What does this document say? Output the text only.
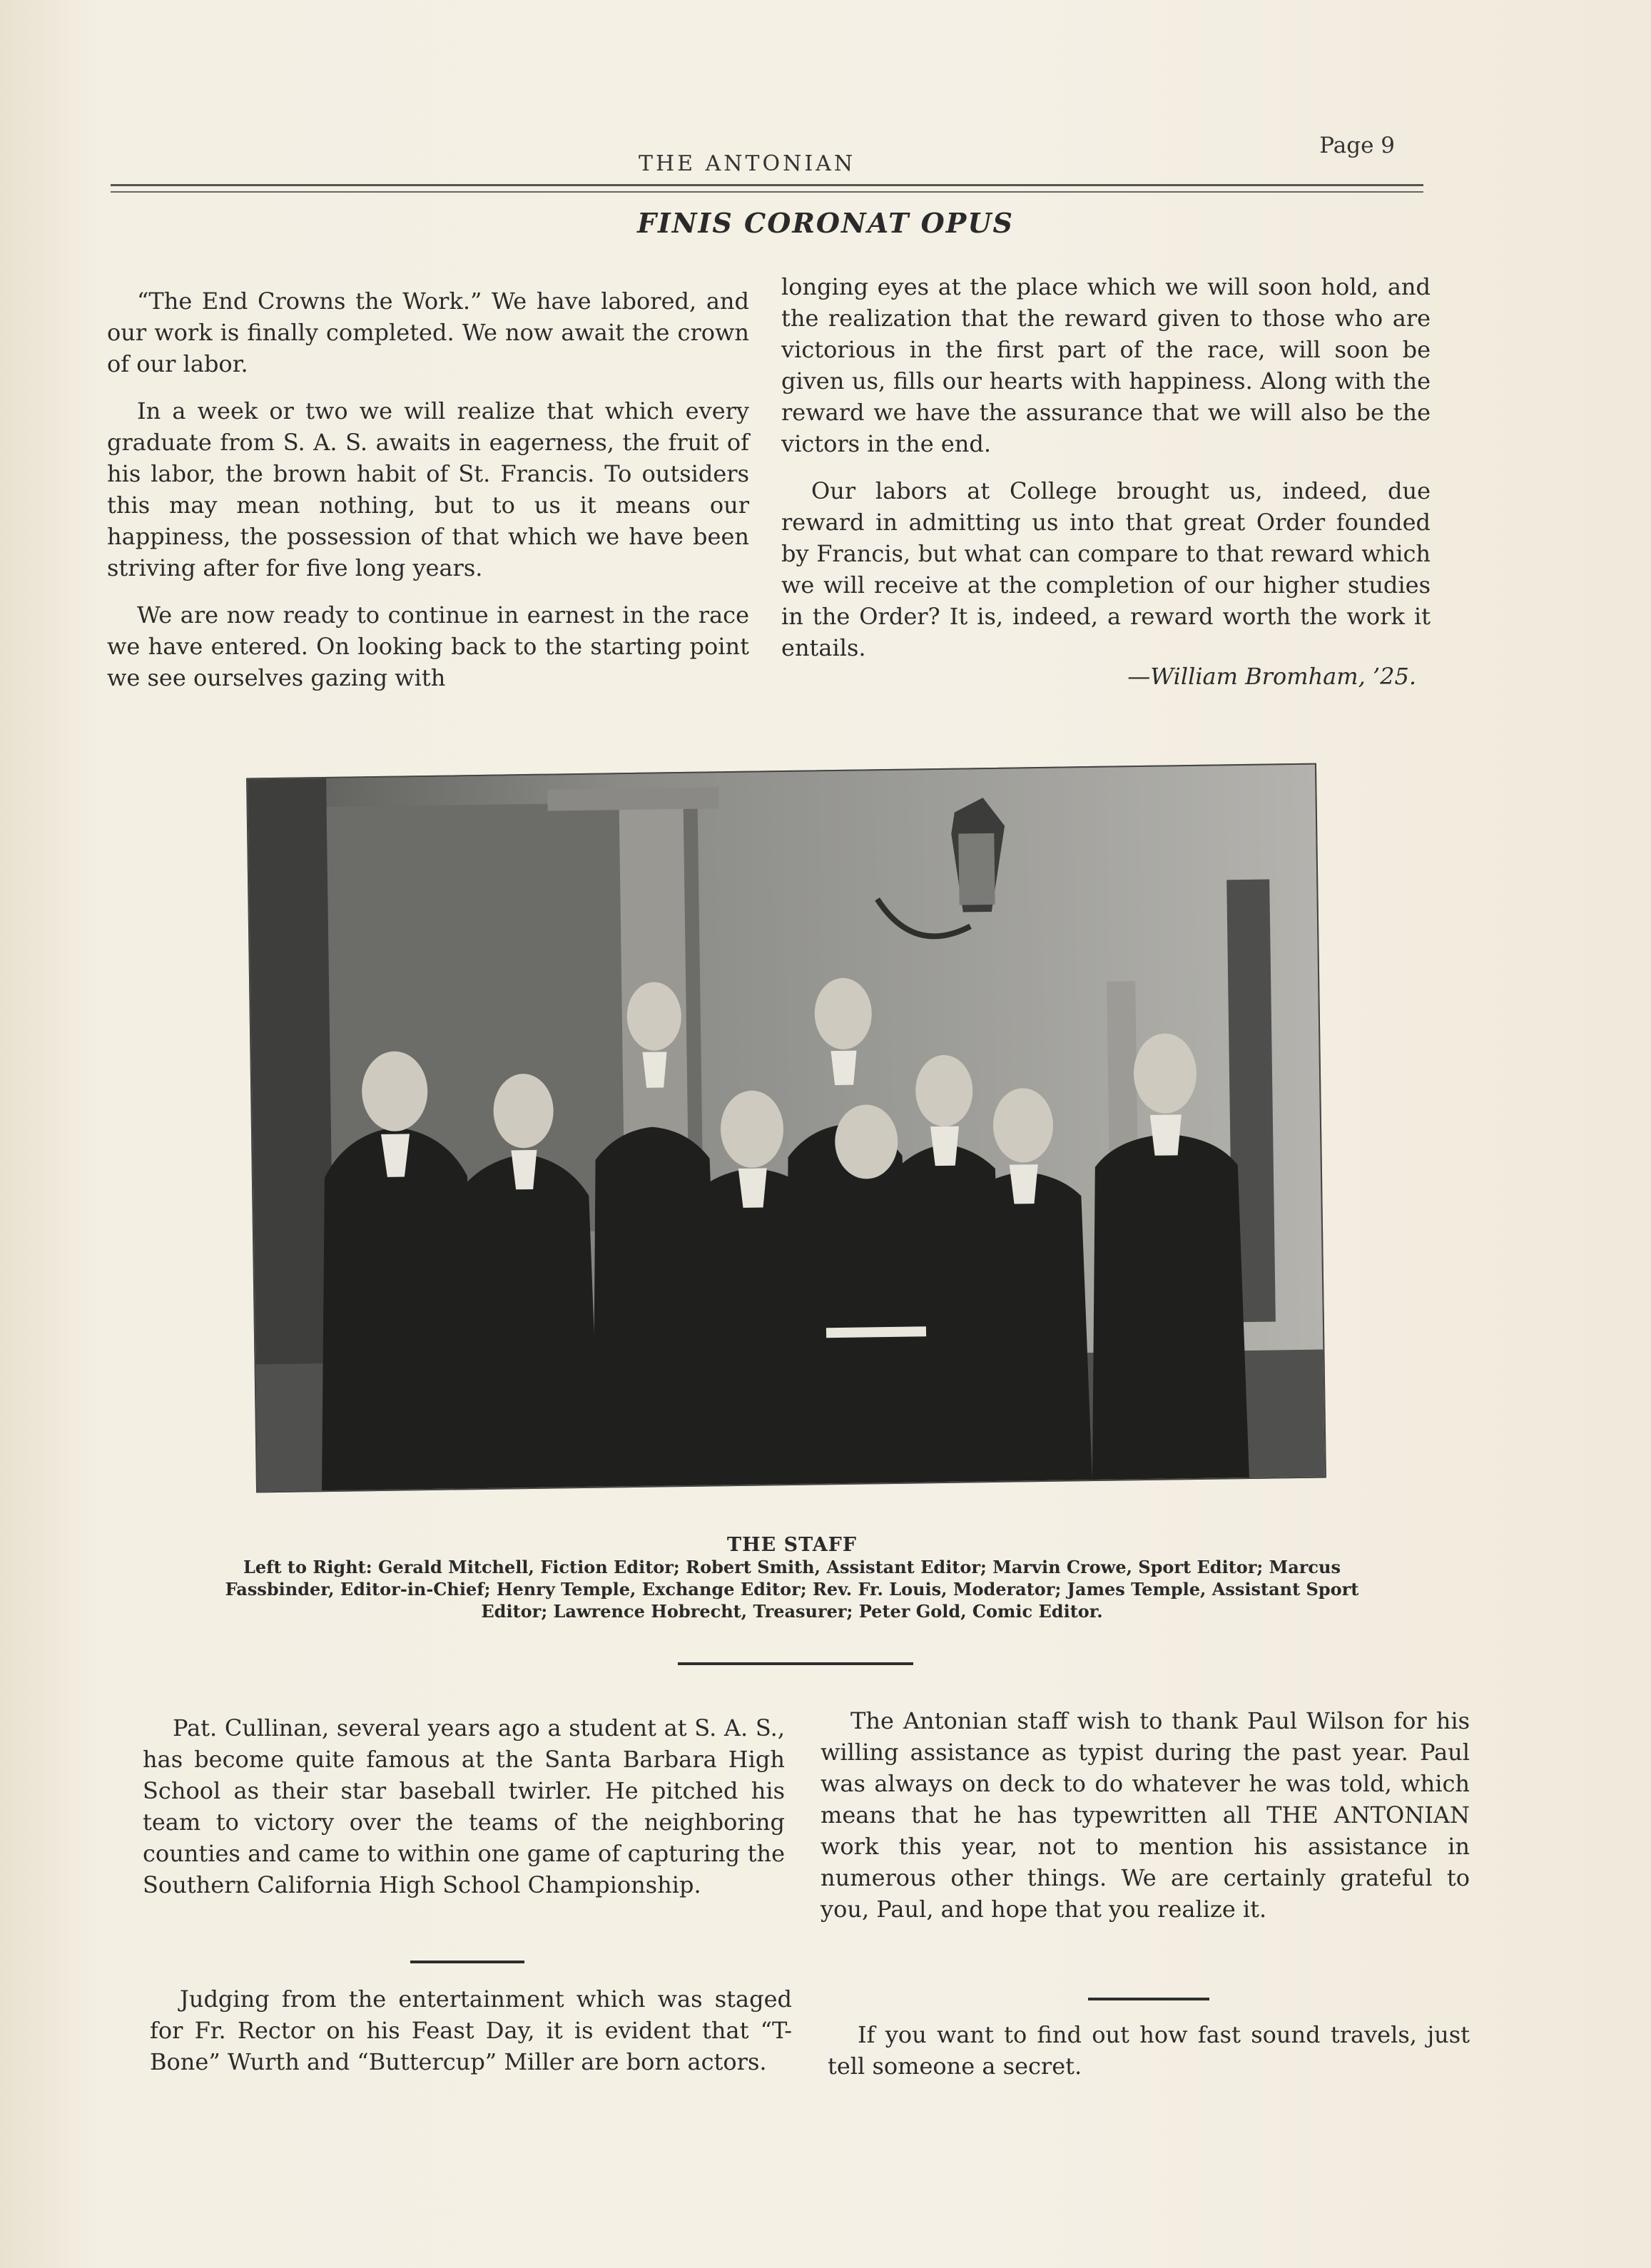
THE ANTONIAN
Page 9
FINIS CORONAT OPUS

“The End Crowns the Work.” We have labored, and our work is finally completed. We now await the crown of our labor.

In a week or two we will realize that which every graduate from S. A. S. awaits in eagerness, the fruit of his labor, the brown habit of St. Francis. To outsiders this may mean nothing, but to us it means our happiness, the possession of that which we have been striving after for five long years.

We are now ready to continue in earnest in the race we have entered. On looking back to the starting point we see ourselves gazing with

longing eyes at the place which we will soon hold, and the realization that the reward given to those who are victorious in the first part of the race, will soon be given us, fills our hearts with happiness. Along with the reward we have the assurance that we will also be the victors in the end.

Our labors at College brought us, indeed, due reward in admitting us into that great Order founded by Francis, but what can compare to that reward which we will receive at the completion of our higher studies in the Order? It is, indeed, a reward worth the work it entails.

—William Bromham, ’25.
THE STAFF
Left to Right: Gerald Mitchell, Fiction Editor; Robert Smith, Assistant Editor; Marvin Crowe, Sport Editor; Marcus Fassbinder, Editor-in-Chief; Henry Temple, Exchange Editor; Rev. Fr. Louis, Moderator; James Temple, Assistant Sport Editor; Lawrence Hobrecht, Treasurer; Peter Gold, Comic Editor.

Pat. Cullinan, several years ago a student at S. A. S., has become quite famous at the Santa Barbara High School as their star baseball twirler. He pitched his team to victory over the teams of the neighboring counties and came to within one game of capturing the Southern California High School Championship.

Judging from the entertainment which was staged for Fr. Rector on his Feast Day, it is evident that “T-Bone” Wurth and “Buttercup” Miller are born actors.

The Antonian staff wish to thank Paul Wilson for his willing assistance as typist during the past year. Paul was always on deck to do whatever he was told, which means that he has typewritten all THE ANTONIAN work this year, not to mention his assistance in numerous other things. We are certainly grateful to you, Paul, and hope that you realize it.

If you want to find out how fast sound travels, just tell someone a secret.
